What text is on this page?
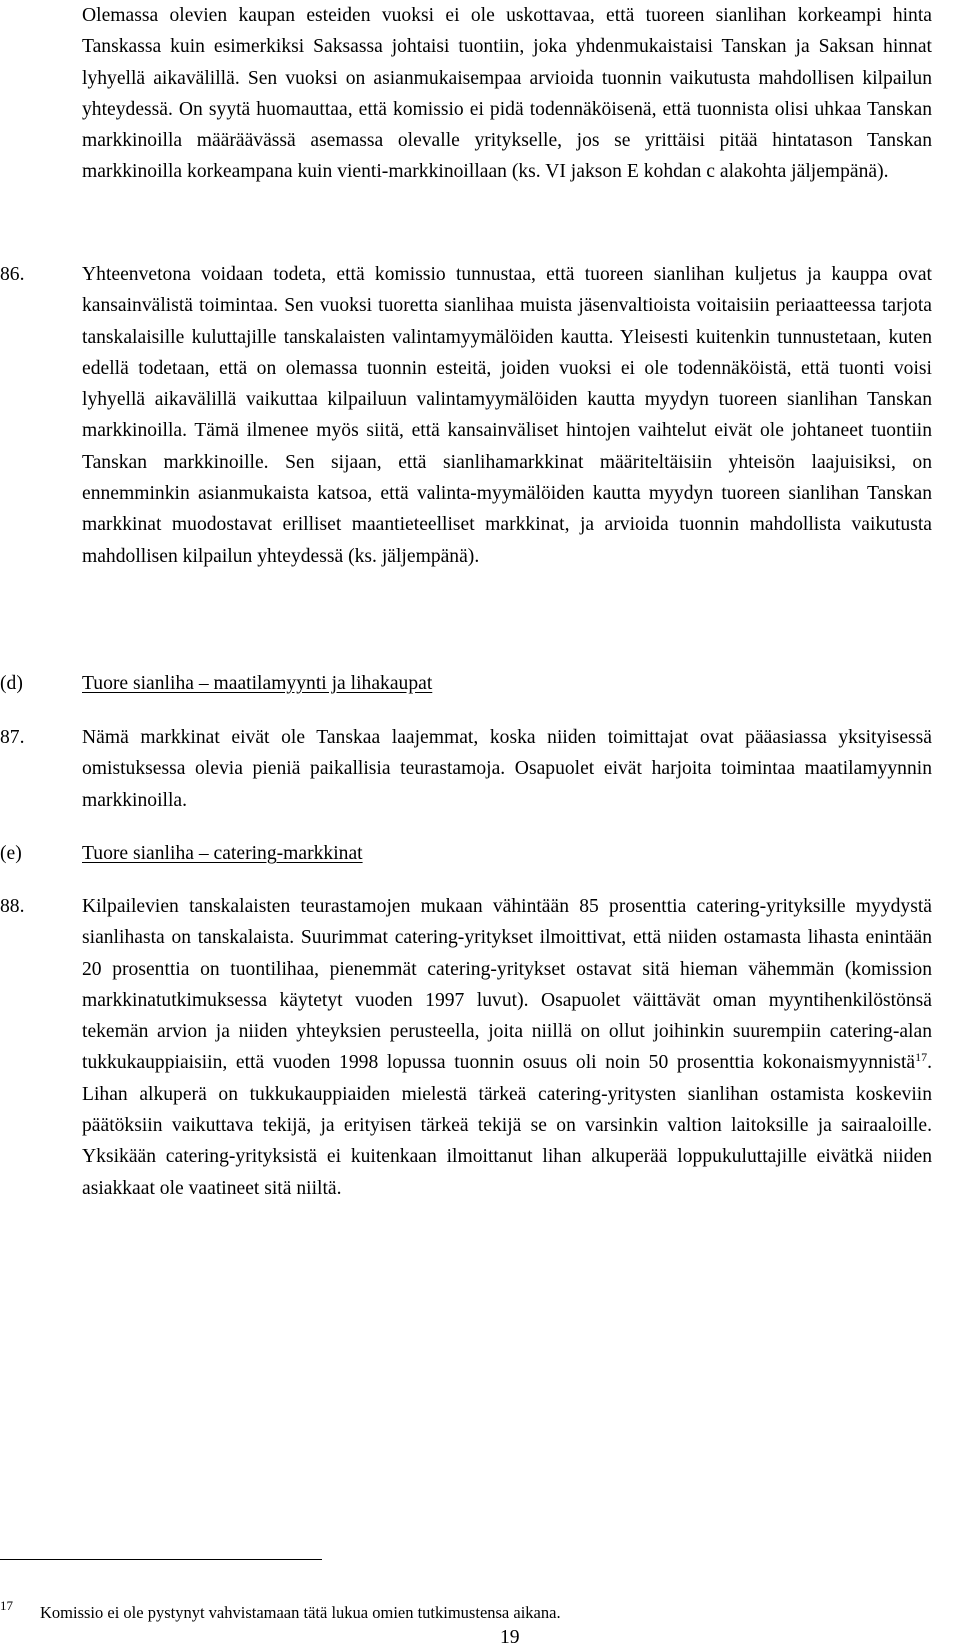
Olemassa olevien kaupan esteiden vuoksi ei ole uskottavaa, että tuoreen sianlihan korkeampi hinta Tanskassa kuin esimerkiksi Saksassa johtaisi tuontiin, joka yhdenmukaistaisi Tanskan ja Saksan hinnat lyhyellä aikavälillä. Sen vuoksi on asianmukaisempaa arvioida tuonnin vaikutusta mahdollisen kilpailun yhteydessä. On syytä huomauttaa, että komissio ei pidä todennäköisenä, että tuonnista olisi uhkaa Tanskan markkinoilla määräävässä asemassa olevalle yritykselle, jos se yrittäisi pitää hintatason Tanskan markkinoilla korkeampana kuin vienti-markkinoillaan (ks. VI jakson E kohdan c alakohta jäljempänä).

86.	Yhteenvetona voidaan todeta, että komissio tunnustaa, että tuoreen sianlihan kuljetus ja kauppa ovat kansainvälistä toimintaa. Sen vuoksi tuoretta sianlihaa muista jäsenvaltioista voitaisiin periaatteessa tarjota tanskalaisille kuluttajille tanskalaisten valintamyymälöiden kautta. Yleisesti kuitenkin tunnustetaan, kuten edellä todetaan, että on olemassa tuonnin esteitä, joiden vuoksi ei ole todennäköistä, että tuonti voisi lyhyellä aikavälillä vaikuttaa kilpailuun valintamyymälöiden kautta myydyn tuoreen sianlihan Tanskan markkinoilla. Tämä ilmenee myös siitä, että kansainväliset hintojen vaihtelut eivät ole johtaneet tuontiin Tanskan markkinoille. Sen sijaan, että sianlihamarkkinat määriteltäisiin yhteisön laajuisiksi, on ennemminkin asianmukaista katsoa, että valinta-myymälöiden kautta myydyn tuoreen sianlihan Tanskan markkinat muodostavat erilliset maantieteelliset markkinat, ja arvioida tuonnin mahdollista vaikutusta mahdollisen kilpailun yhteydessä (ks. jäljempänä).

(d)	Tuore sianliha – maatilamyynti ja lihakaupat
87.	Nämä markkinat eivät ole Tanskaa laajemmat, koska niiden toimittajat ovat pääasiassa yksityisessä omistuksessa olevia pieniä paikallisia teurastamoja. Osapuolet eivät harjoita toimintaa maatilamyynnin markkinoilla.

(e)	Tuore sianliha – catering-markkinat
88.	Kilpailevien tanskalaisten teurastamojen mukaan vähintään 85 prosenttia catering-yrityksille myydystä sianlihasta on tanskalaista. Suurimmat catering-yritykset ilmoittivat, että niiden ostamasta lihasta enintään 20 prosenttia on tuontilihaa, pienemmät catering-yritykset ostavat sitä hieman vähemmän (komission markkinatutkimuksessa käytetyt vuoden 1997 luvut). Osapuolet väittävät oman myyntihenkilöstönsä tekemän arvion ja niiden yhteyksien perusteella, joita niillä on ollut joihinkin suurempiin catering-alan tukkukauppiaisiin, että vuoden 1998 lopussa tuonnin osuus oli noin 50 prosenttia kokonaismyynnistä$^{17}$. Lihan alkuperä on tukkukauppiaiden mielestä tärkeä catering-yritysten sianlihan ostamista koskeviin päätöksiin vaikuttava tekijä, ja erityisen tärkeä tekijä se on varsinkin valtion laitoksille ja sairaaloille. Yksikään catering-yrityksistä ei kuitenkaan ilmoittanut lihan alkuperää loppukuluttajille eivätkä niiden asiakkaat ole vaatineet sitä niiltä.

17 Komissio ei ole pystynyt vahvistamaan tätä lukua omien tutkimustensa aikana.
19
